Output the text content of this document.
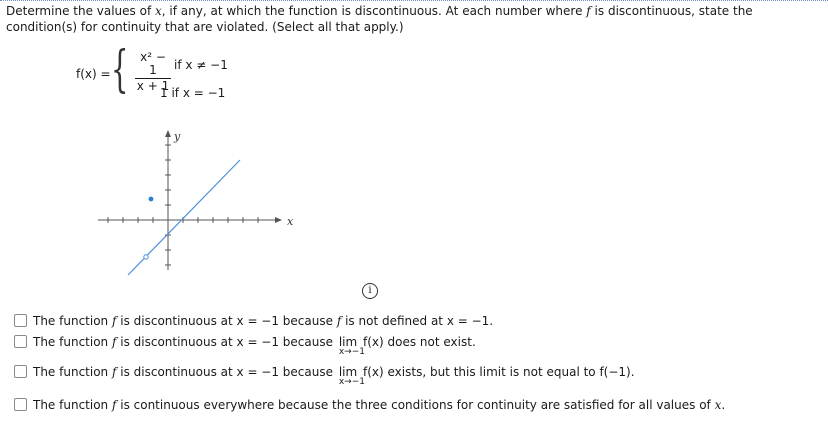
Determine the values of x, if any, at which the function is discontinuous. At each number where f is discontinuous, state the condition(s) for continuity that are violated. (Select all that apply.)
f(x) = { $\frac{\text{x² − 1}}{x + 1}$ if x ≠ −1
1 if x = −1
y
x
i
The function f is discontinuous at x = −1 because f is not defined at x = −1.
The function f is discontinuous at x = −1 because lim
x→−1
f(x) does not exist.
The function f is discontinuous at x = −1 because lim
x→−1
f(x) exists, but this limit is not equal to f(−1).
The function f is continuous everywhere because the three conditions for continuity are satisfied for all values of x.
